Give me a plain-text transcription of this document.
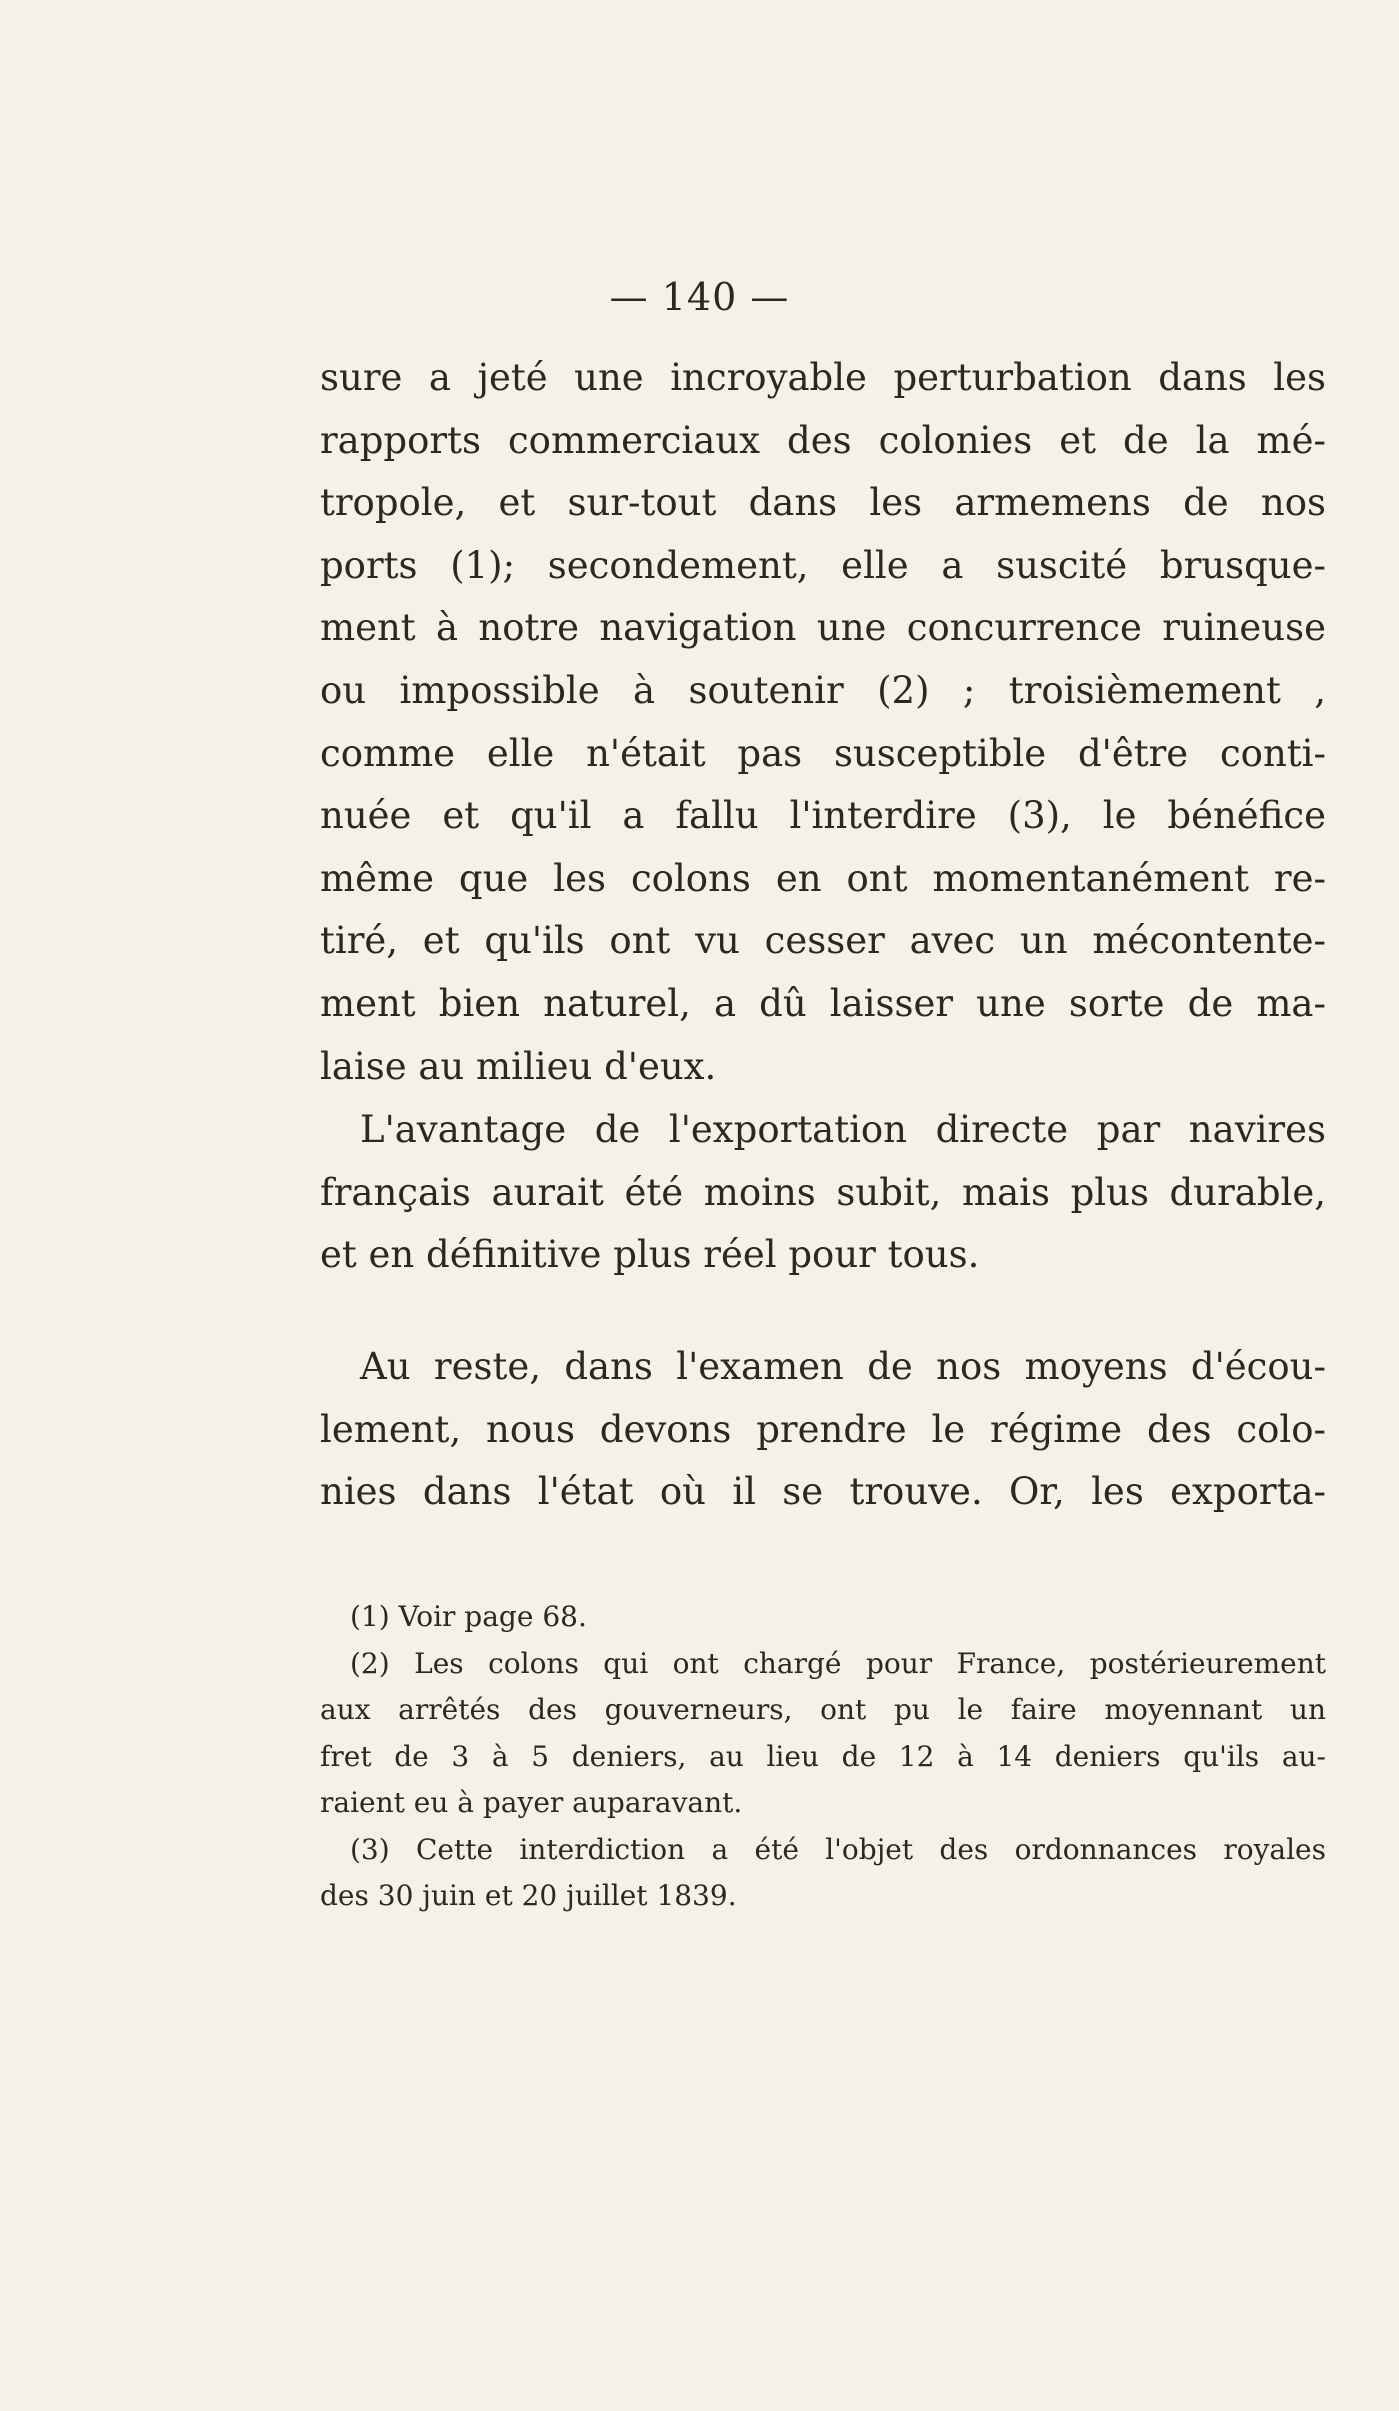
— 140 —
sure a jeté une incroyable perturbation dans les
rapports commerciaux des colonies et de la mé-
tropole, et sur-tout dans les armemens de nos
ports (1); secondement, elle a suscité brusque-
ment à notre navigation une concurrence ruineuse
ou impossible à soutenir (2) ; troisièmement ,
comme elle n'était pas susceptible d'être conti-
nuée et qu'il a fallu l'interdire (3), le bénéfice
même que les colons en ont momentanément re-
tiré, et qu'ils ont vu cesser avec un mécontente-
ment bien naturel, a dû laisser une sorte de ma-
laise au milieu d'eux.
L'avantage de l'exportation directe par navires
français aurait été moins subit, mais plus durable,
et en définitive plus réel pour tous.
Au reste, dans l'examen de nos moyens d'écou-
lement, nous devons prendre le régime des colo-
nies dans l'état où il se trouve. Or, les exporta-
(1) Voir page 68.
(2) Les colons qui ont chargé pour France, postérieurement
aux arrêtés des gouverneurs, ont pu le faire moyennant un
fret de 3 à 5 deniers, au lieu de 12 à 14 deniers qu'ils au-
raient eu à payer auparavant.
(3) Cette interdiction a été l'objet des ordonnances royales
des 30 juin et 20 juillet 1839.
